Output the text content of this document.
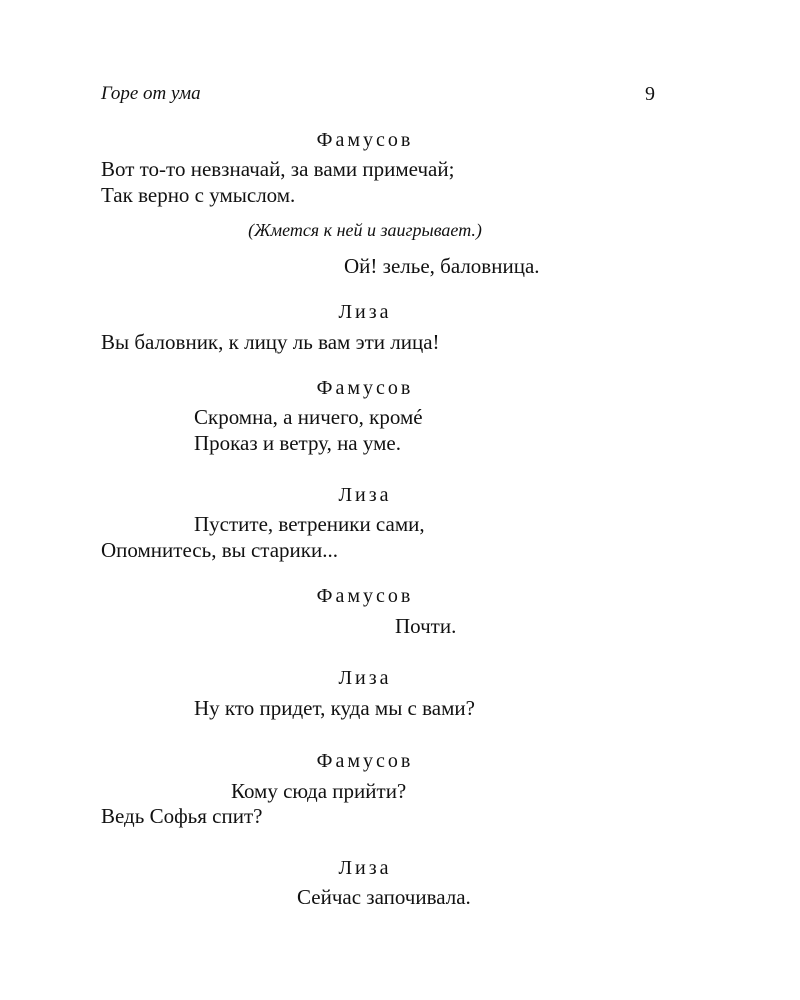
Горе от ума	9
Фамусов
Вот то-то невзначай, за вами примечай;
Так верно с умыслом.
(Жмется к ней и заигрывает.)
Ой! зелье, баловница.
Лиза
Вы баловник, к лицу ль вам эти лица!
Фамусов
Скромна, а ничего, кромé
Проказ и ветру, на уме.
Лиза
Пустите, ветреники сами,
Опомнитесь, вы старики...
Фамусов
Почти.
Лиза
Ну кто придет, куда мы с вами?
Фамусов
Кому сюда прийти?
Ведь Софья спит?
Лиза
Сейчас започивала.
